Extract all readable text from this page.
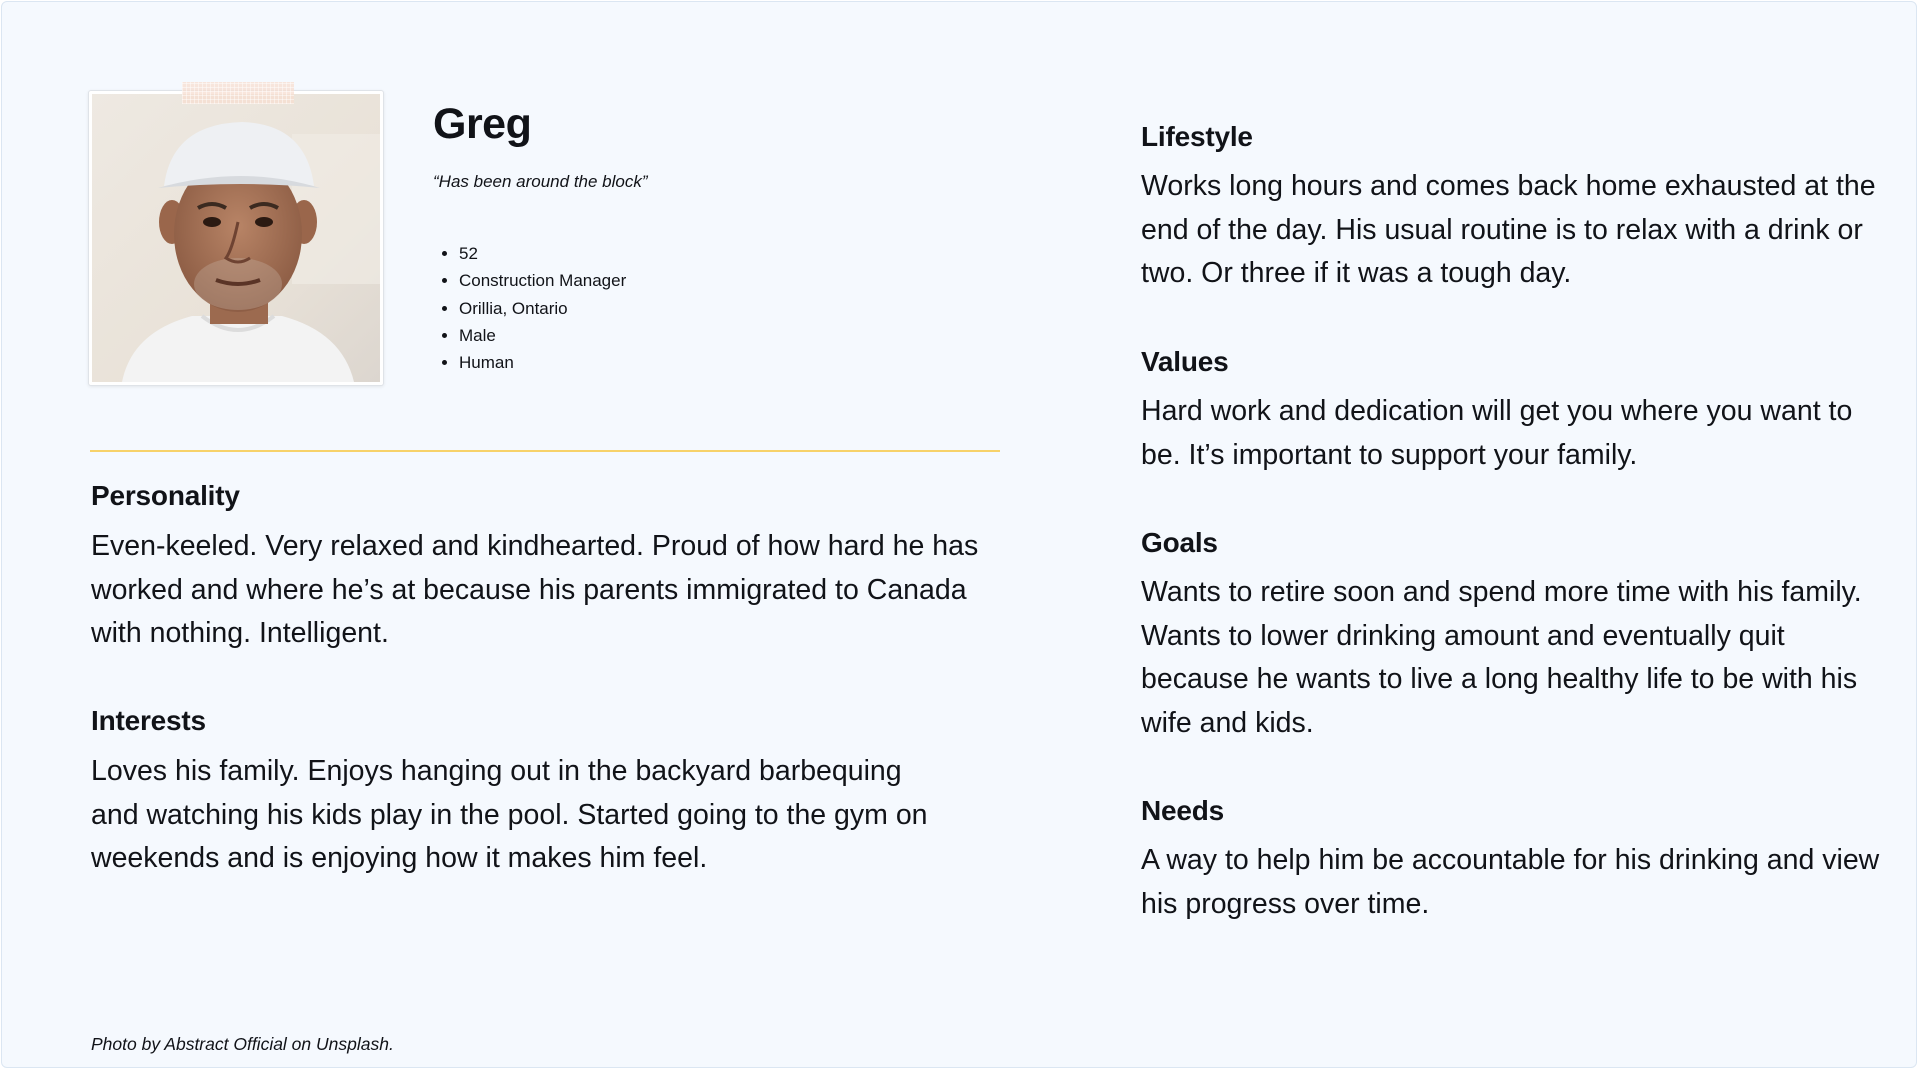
Greg

“Has been around the block”

• 52
• Construction Manager
• Orillia, Ontario
• Male
• Human
Personality

Even-keeled. Very relaxed and kindhearted. Proud of how hard he has worked and where he’s at because his parents immigrated to Canada with nothing. Intelligent.

Interests

Loves his family. Enjoys hanging out in the backyard barbequing and watching his kids play in the pool. Started going to the gym on weekends and is enjoying how it makes him feel.

Lifestyle

Works long hours and comes back home exhausted at the end of the day. His usual routine is to relax with a drink or two. Or three if it was a tough day.

Values

Hard work and dedication will get you where you want to be. It’s important to support your family.

Goals

Wants to retire soon and spend more time with his family. Wants to lower drinking amount and eventually quit because he wants to live a long healthy life to be with his wife and kids.

Needs

A way to help him be accountable for his drinking and view his progress over time.

Photo by Abstract Official on Unsplash.
